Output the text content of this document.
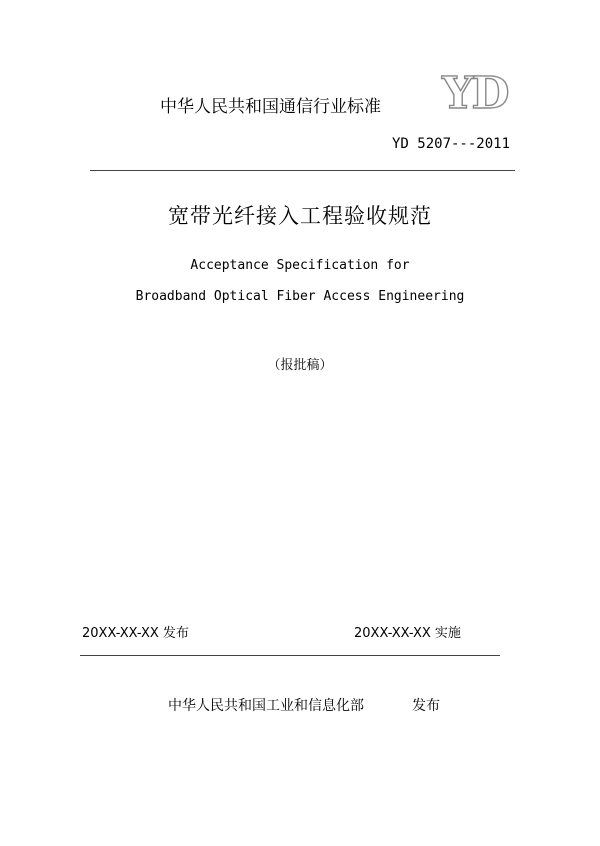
中华人民共和国通信行业标准 YD
YD 5207---2011
宽带光纤接入工程验收规范
Acceptance Specification for
Broadband Optical Fiber Access Engineering
（报批稿）
20XX-XX-XX 发布	20XX-XX-XX 实施
中华人民共和国工业和信息化部	发布
